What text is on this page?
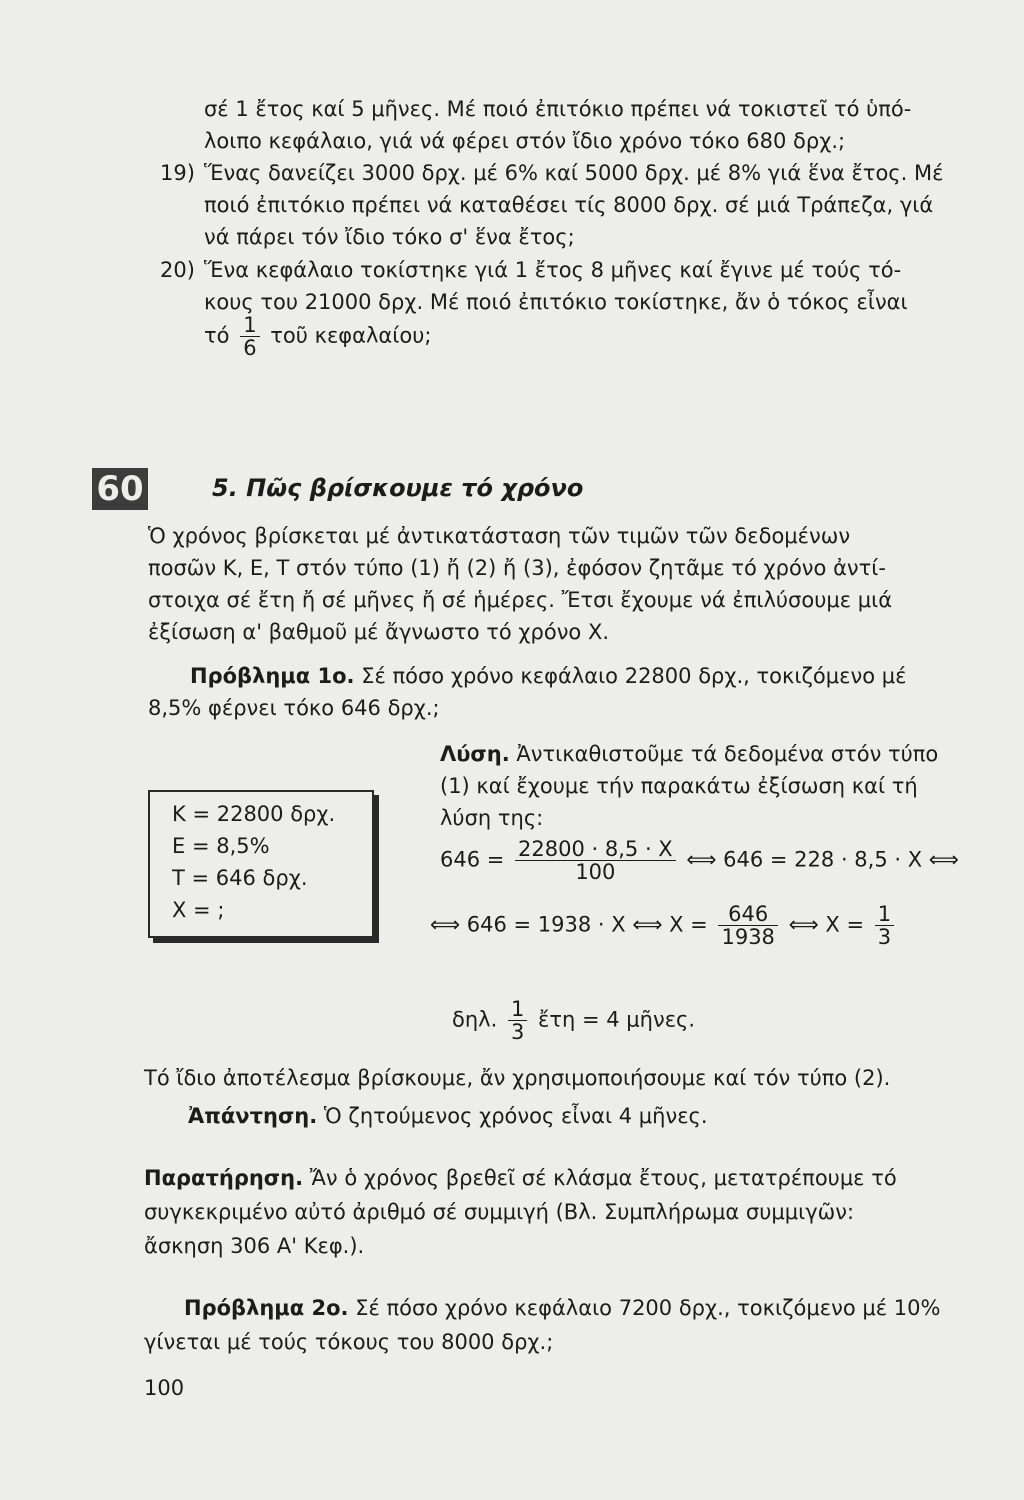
σέ 1 ἔτος καί 5 μῆνες. Μέ ποιό ἐπιτόκιο πρέπει νά τοκιστεῖ τό ὑπό-
λοιπο κεφάλαιο, γιά νά φέρει στόν ἴδιο χρόνο τόκο 680 δρχ.;
19) Ἕνας δανείζει 3000 δρχ. μέ 6% καί 5000 δρχ. μέ 8% γιά ἕνα ἔτος. Μέ
ποιό ἐπιτόκιο πρέπει νά καταθέσει τίς 8000 δρχ. σέ μιά Τράπεζα, γιά
νά πάρει τόν ἴδιο τόκο σ' ἕνα ἔτος;
20) Ἕνα κεφάλαιο τοκίστηκε γιά 1 ἔτος 8 μῆνες καί ἔγινε μέ τούς τό-
κους του 21000 δρχ. Μέ ποιό ἐπιτόκιο τοκίστηκε, ἄν ὁ τόκος εἶναι
τό $\frac{1}{6}$ τοῦ κεφαλαίου;
60	5. Πῶς βρίσκουμε τό χρόνο
Ὁ χρόνος βρίσκεται μέ ἀντικατάσταση τῶν τιμῶν τῶν δεδομένων
ποσῶν Κ, Ε, Τ στόν τύπο (1) ἤ (2) ἤ (3), ἐφόσον ζητᾶμε τό χρόνο ἀντί-
στοιχα σέ ἔτη ἤ σέ μῆνες ἤ σέ ἡμέρες. Ἔτσι ἔχουμε νά ἐπιλύσουμε μιά
ἐξίσωση α' βαθμοῦ μέ ἄγνωστο τό χρόνο Χ.
Πρόβλημα 1ο. Σέ πόσο χρόνο κεφάλαιο 22800 δρχ., τοκιζόμενο μέ
8,5% φέρνει τόκο 646 δρχ.;
Κ = 22800 δρχ.
Ε = 8,5%
Τ = 646 δρχ.
Χ = ;
Λύση. Ἀντικαθιστοῦμε τά δεδομένα στόν τύπο
(1) καί ἔχουμε τήν παρακάτω ἐξίσωση καί τή
λύση της:
$646 = \frac{22800 \cdot 8,5 \cdot X}{100}$ ⟺ 646 = 228 · 8,5 · Χ ⟺
⟺ 646 = 1938 · Χ ⟺ $X = \frac{646}{1938}$ ⟺ $X = \frac{1}{3}$
δηλ. $\frac{1}{3}$ ἔτη = 4 μῆνες.
Τό ἴδιο ἀποτέλεσμα βρίσκουμε, ἄν χρησιμοποιήσουμε καί τόν τύπο (2).
Ἀπάντηση. Ὁ ζητούμενος χρόνος εἶναι 4 μῆνες.
Παρατήρηση. Ἄν ὁ χρόνος βρεθεῖ σέ κλάσμα ἔτους, μετατρέπουμε τό
συγκεκριμένο αὐτό ἀριθμό σέ συμμιγή (Βλ. Συμπλήρωμα συμμιγῶν:
ἄσκηση 306 Α' Κεφ.).
Πρόβλημα 2ο. Σέ πόσο χρόνο κεφάλαιο 7200 δρχ., τοκιζόμενο μέ 10%
γίνεται μέ τούς τόκους του 8000 δρχ.;
100
